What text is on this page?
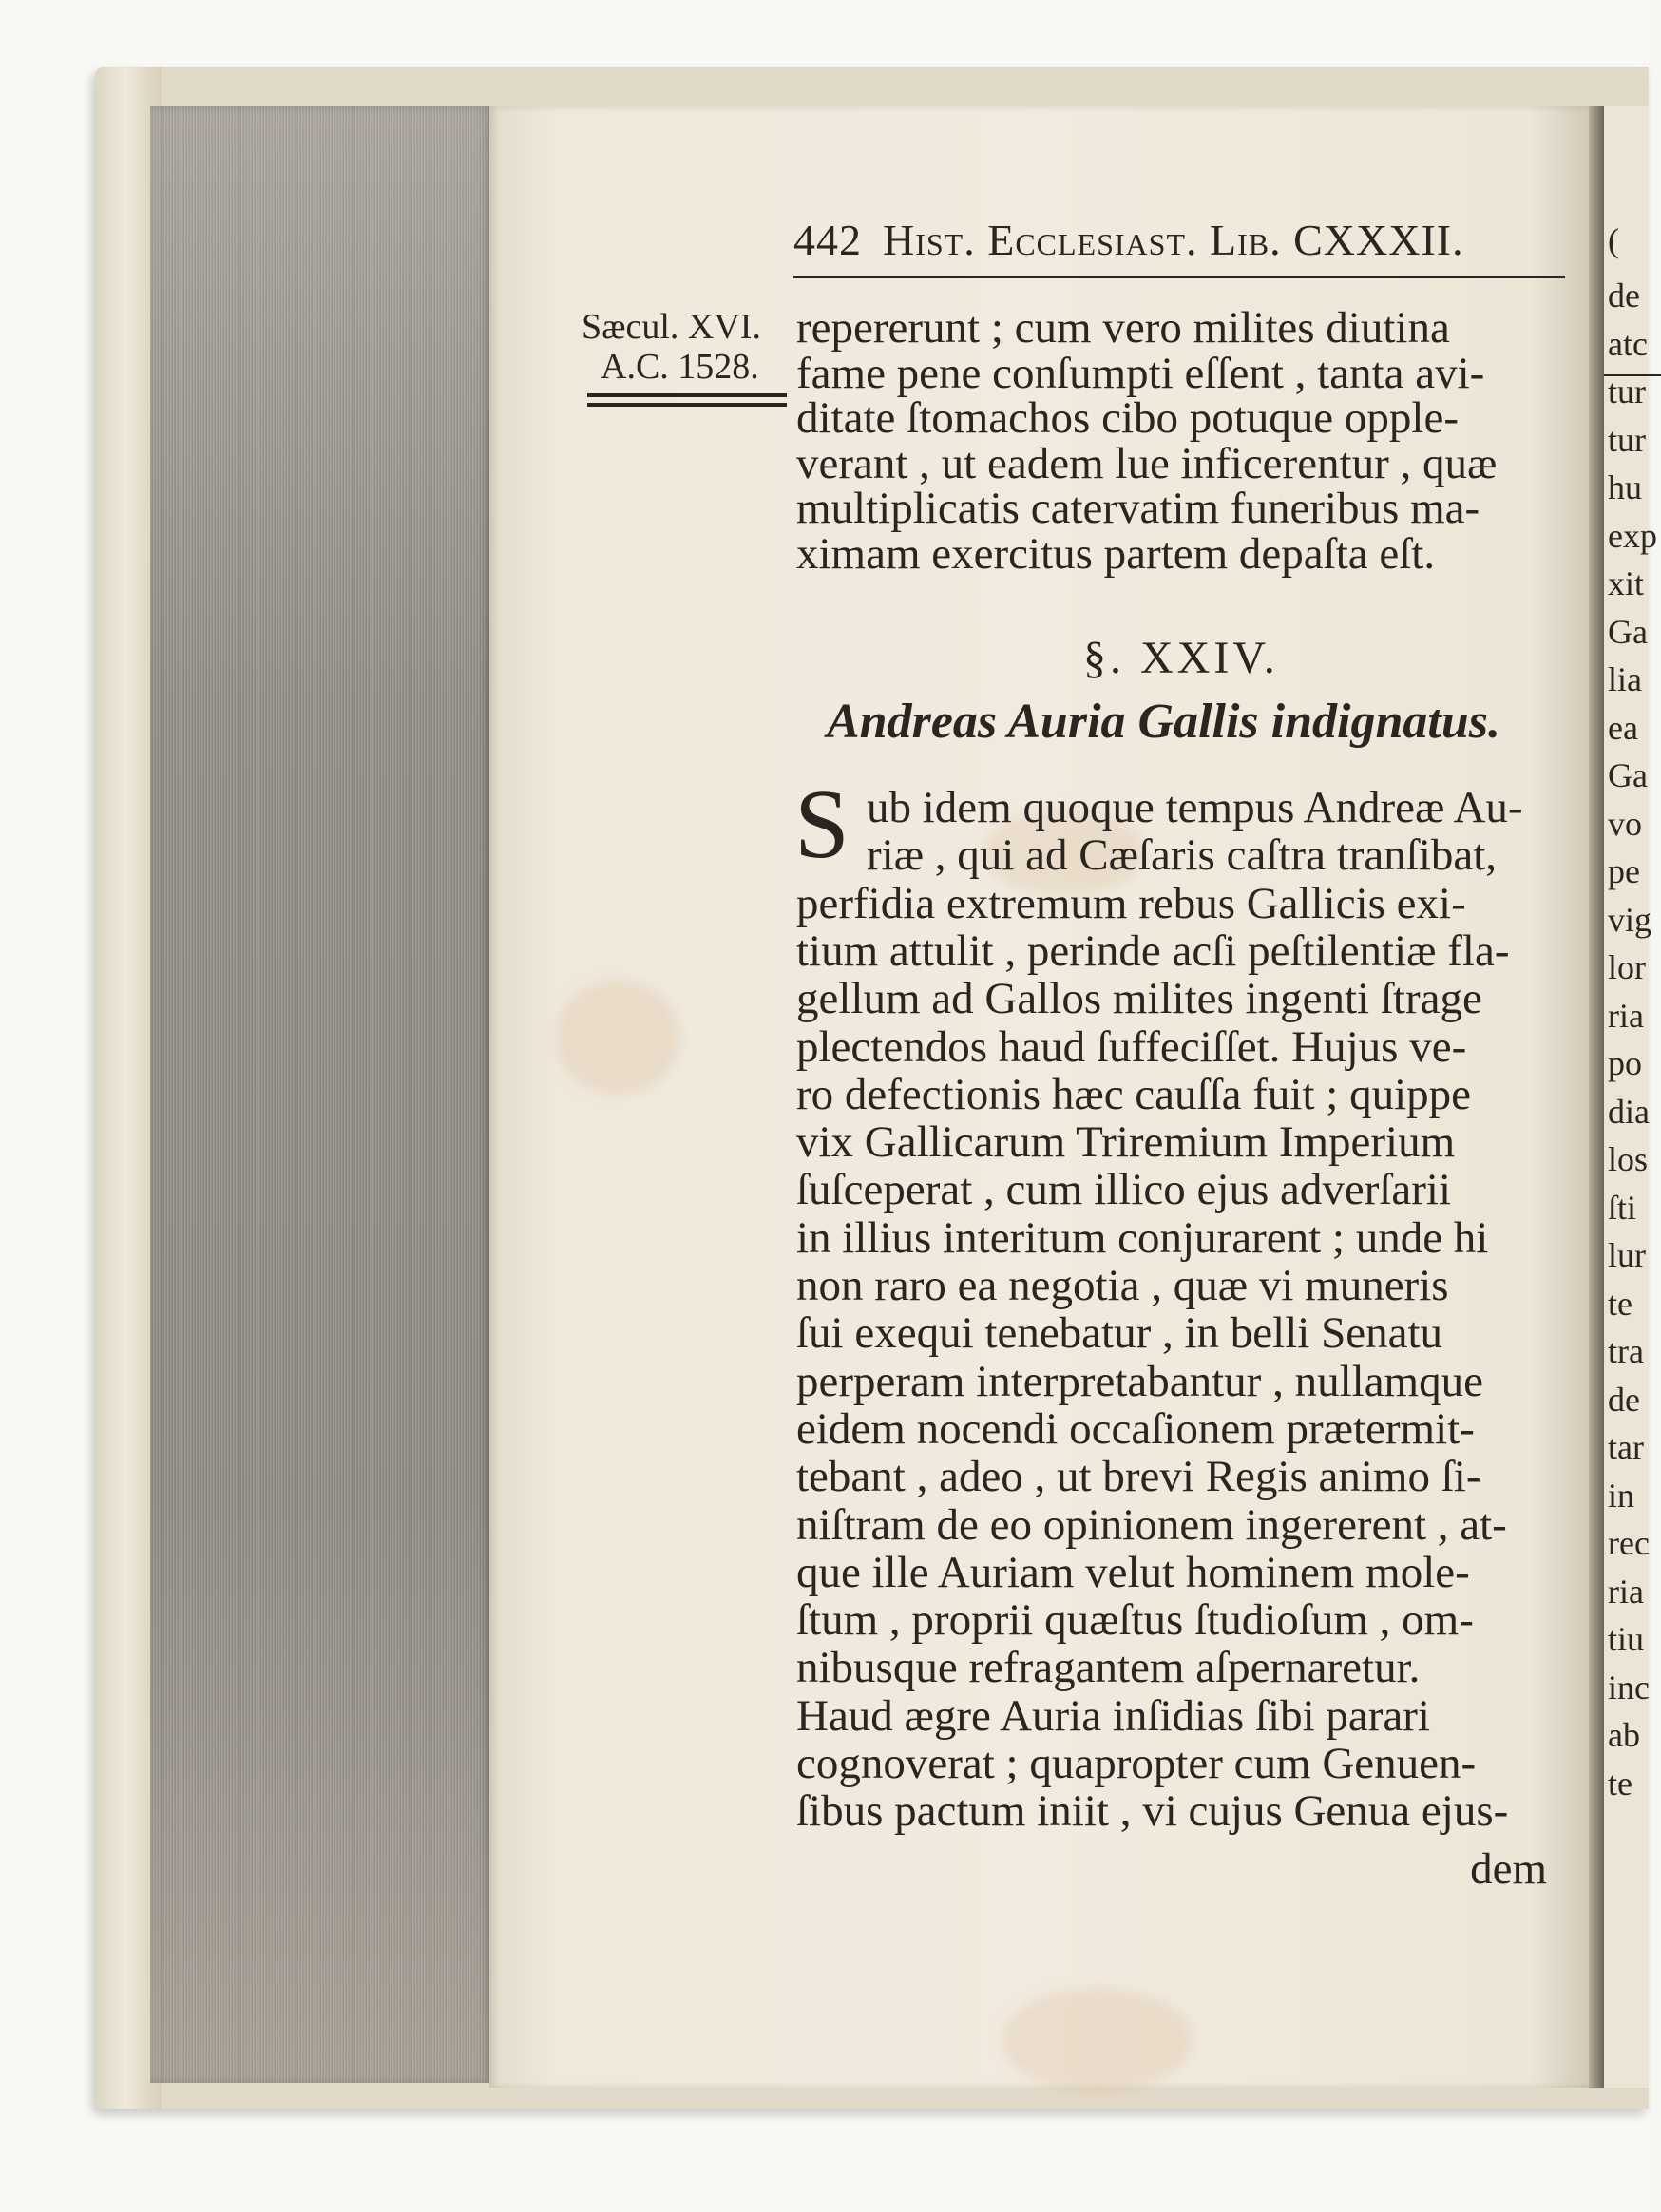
(
de
atc
tur
tur
hu
exp
xit
Ga
lia
ea
Ga
vo
pe
vig
lor
ria
po
dia
los
ſti
lur
te
tra
de
tar
in
rec
ria
tiu
inc
ab
te
442 Hist. Ecclesiast. Lib. CXXXII.
Sæcul. XVI.
A.C. 1528.
repererunt ; cum vero milites diutina
fame pene conſumpti eſſent , tanta avi-
ditate ſtomachos cibo potuque opple-
verant , ut eadem lue inficerentur , quæ
multiplicatis catervatim funeribus ma-
ximam exercitus partem depaſta eſt.
§. XXIV.
Andreas Auria Gallis indignatus.
S ub idem quoque tempus Andreæ Au-
riæ , qui ad Cæſaris caſtra tranſibat,
perfidia extremum rebus Gallicis exi-
tium attulit , perinde acſi peſtilentiæ fla-
gellum ad Gallos milites ingenti ſtrage
plectendos haud ſuffeciſſet. Hujus ve-
ro defectionis hæc cauſſa fuit ; quippe
vix Gallicarum Triremium Imperium
ſuſceperat , cum illico ejus adverſarii
in illius interitum conjurarent ; unde hi
non raro ea negotia , quæ vi muneris
ſui exequi tenebatur , in belli Senatu
perperam interpretabantur , nullamque
eidem nocendi occaſionem prætermit-
tebant , adeo , ut brevi Regis animo ſi-
niſtram de eo opinionem ingererent , at-
que ille Auriam velut hominem mole-
ſtum , proprii quæſtus ſtudioſum , om-
nibusque refragantem aſpernaretur.
Haud ægre Auria inſidias ſibi parari
cognoverat ; quapropter cum Genuen-
ſibus pactum iniit , vi cujus Genua ejus-
dem
